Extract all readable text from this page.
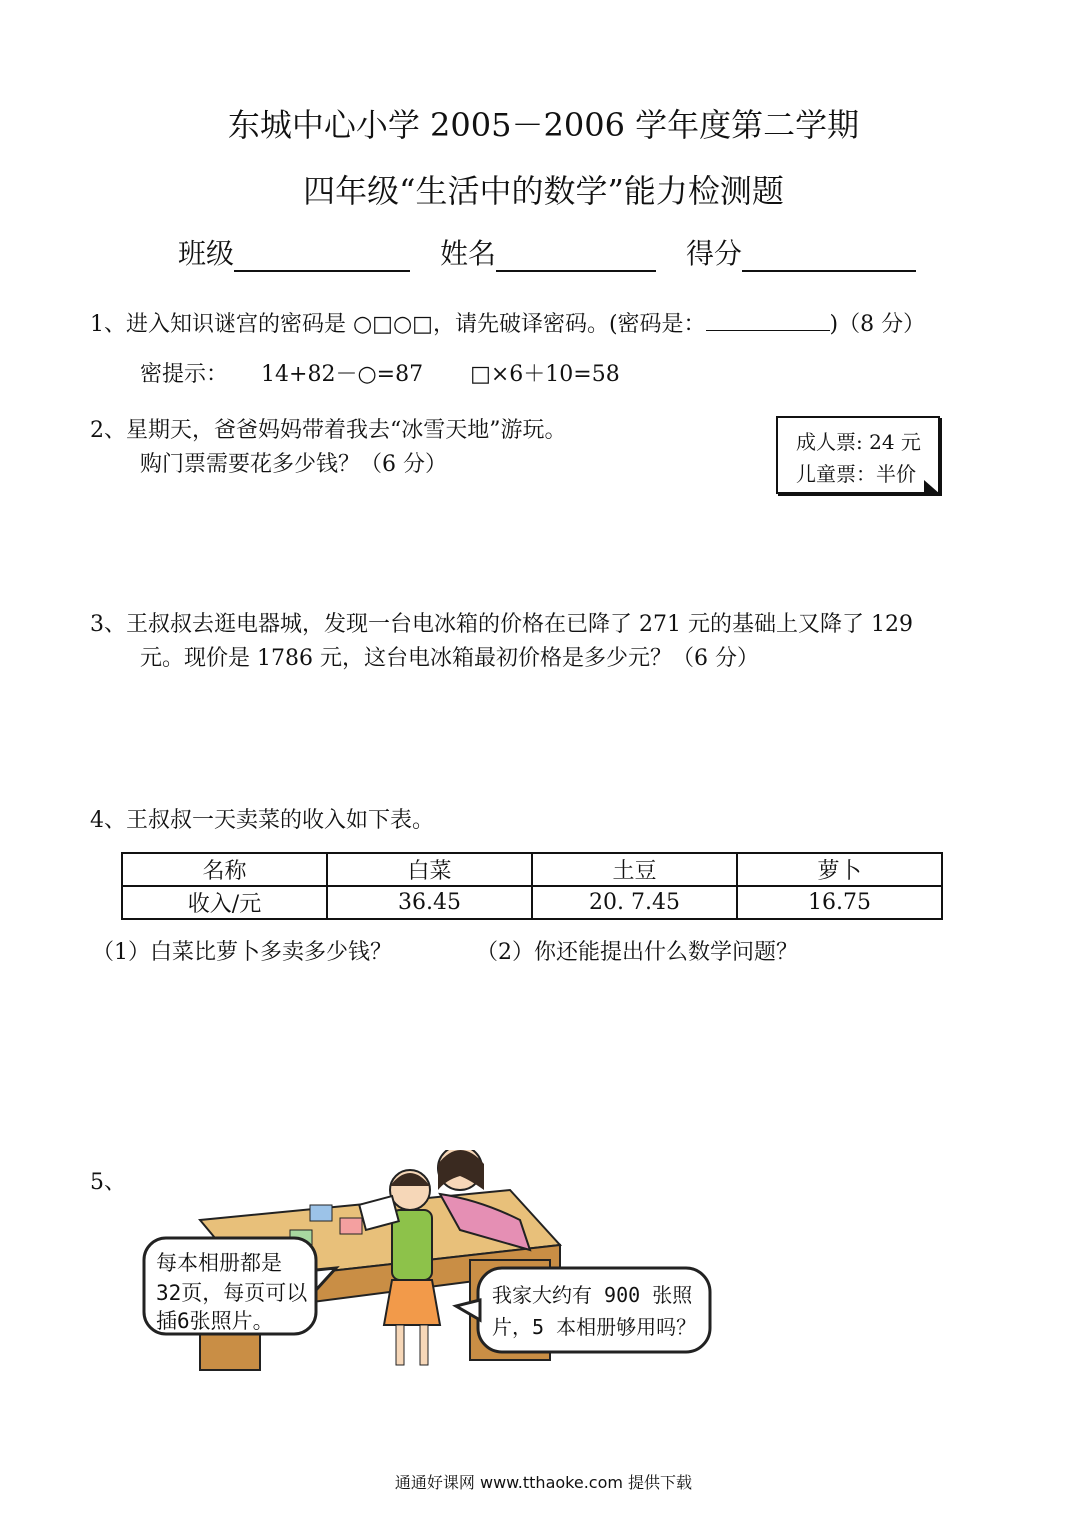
东城中心小学 2005－2006 学年度第二学期
四年级“生活中的数学”能力检测题
班级	姓名	得分
1、进入知识谜宫的密码是 ○□○□，请先破译密码。(密码是：	)（8 分）
密提示： 14+82－○=87 □×6＋10=58
2、星期天，爸爸妈妈带着我去“冰雪天地”游玩。
购门票需要花多少钱？（6 分）
成人票: 24 元
儿童票：半价
3、王叔叔去逛电器城，发现一台电冰箱的价格在已降了 271 元的基础上又降了 129
元。现价是 1786 元，这台电冰箱最初价格是多少元？（6 分）
4、王叔叔一天卖菜的收入如下表。
名称	白菜	土豆	萝卜
收入/元	36.45	20. 7.45	16.75
（1）白菜比萝卜多卖多少钱？	（2）你还能提出什么数学问题？
5、
每本相册都是
32页，每页可以
插6张照片。
我家大约有 900 张照
片，5 本相册够用吗？
通通好课网 www.tthaoke.com 提供下载
